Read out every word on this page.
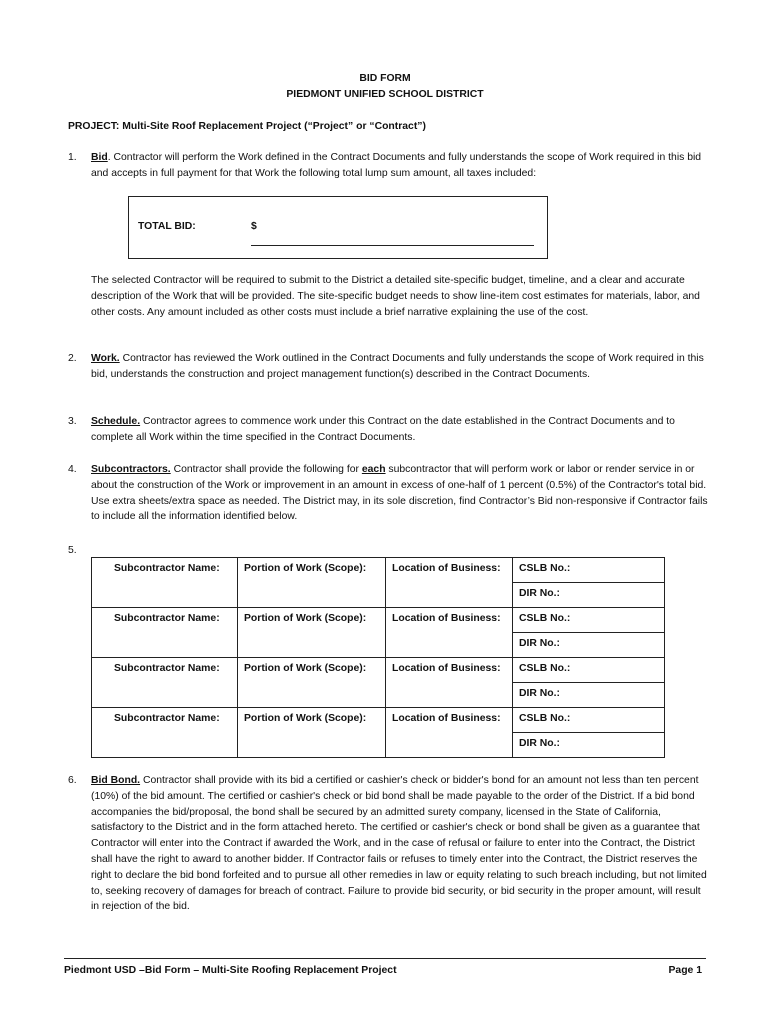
BID FORM
PIEDMONT UNIFIED SCHOOL DISTRICT
PROJECT: Multi-Site Roof Replacement Project (“Project” or “Contract”)
1. Bid. Contractor will perform the Work defined in the Contract Documents and fully understands the scope of Work required in this bid and accepts in full payment for that Work the following total lump sum amount, all taxes included:
TOTAL BID:	$
The selected Contractor will be required to submit to the District a detailed site-specific budget, timeline, and a clear and accurate description of the Work that will be provided. The site-specific budget needs to show line-item cost estimates for materials, labor, and other costs. Any amount included as other costs must include a brief narrative explaining the use of the cost.
2. Work. Contractor has reviewed the Work outlined in the Contract Documents and fully understands the scope of Work required in this bid, understands the construction and project management function(s) described in the Contract Documents.
3. Schedule. Contractor agrees to commence work under this Contract on the date established in the Contract Documents and to complete all Work within the time specified in the Contract Documents.
4. Subcontractors. Contractor shall provide the following for each subcontractor that will perform work or labor or render service in or about the construction of the Work or improvement in an amount in excess of one-half of 1 percent (0.5%) of the Contractor's total bid. Use extra sheets/extra space as needed. The District may, in its sole discretion, find Contractor’s Bid non-responsive if Contractor fails to include all the information identified below.
5.
Subcontractor Name:	Portion of Work (Scope):	Location of Business:	CSLB No.:
			DIR No.:
Subcontractor Name:	Portion of Work (Scope):	Location of Business:	CSLB No.:
			DIR No.:
Subcontractor Name:	Portion of Work (Scope):	Location of Business:	CSLB No.:
			DIR No.:
Subcontractor Name:	Portion of Work (Scope):	Location of Business:	CSLB No.:
			DIR No.:
6. Bid Bond. Contractor shall provide with its bid a certified or cashier's check or bidder's bond for an amount not less than ten percent (10%) of the bid amount. The certified or cashier's check or bid bond shall be made payable to the order of the District. If a bid bond accompanies the bid/proposal, the bond shall be secured by an admitted surety company, licensed in the State of California, satisfactory to the District and in the form attached hereto. The certified or cashier's check or bond shall be given as a guarantee that Contractor will enter into the Contract if awarded the Work, and in the case of refusal or failure to enter into the Contract, the District shall have the right to award to another bidder. If Contractor fails or refuses to timely enter into the Contract, the District reserves the right to declare the bid bond forfeited and to pursue all other remedies in law or equity relating to such breach including, but not limited to, seeking recovery of damages for breach of contract. Failure to provide bid security, or bid security in the proper amount, will result in rejection of the bid.
Piedmont USD –Bid Form – Multi-Site Roofing Replacement Project	Page 1
